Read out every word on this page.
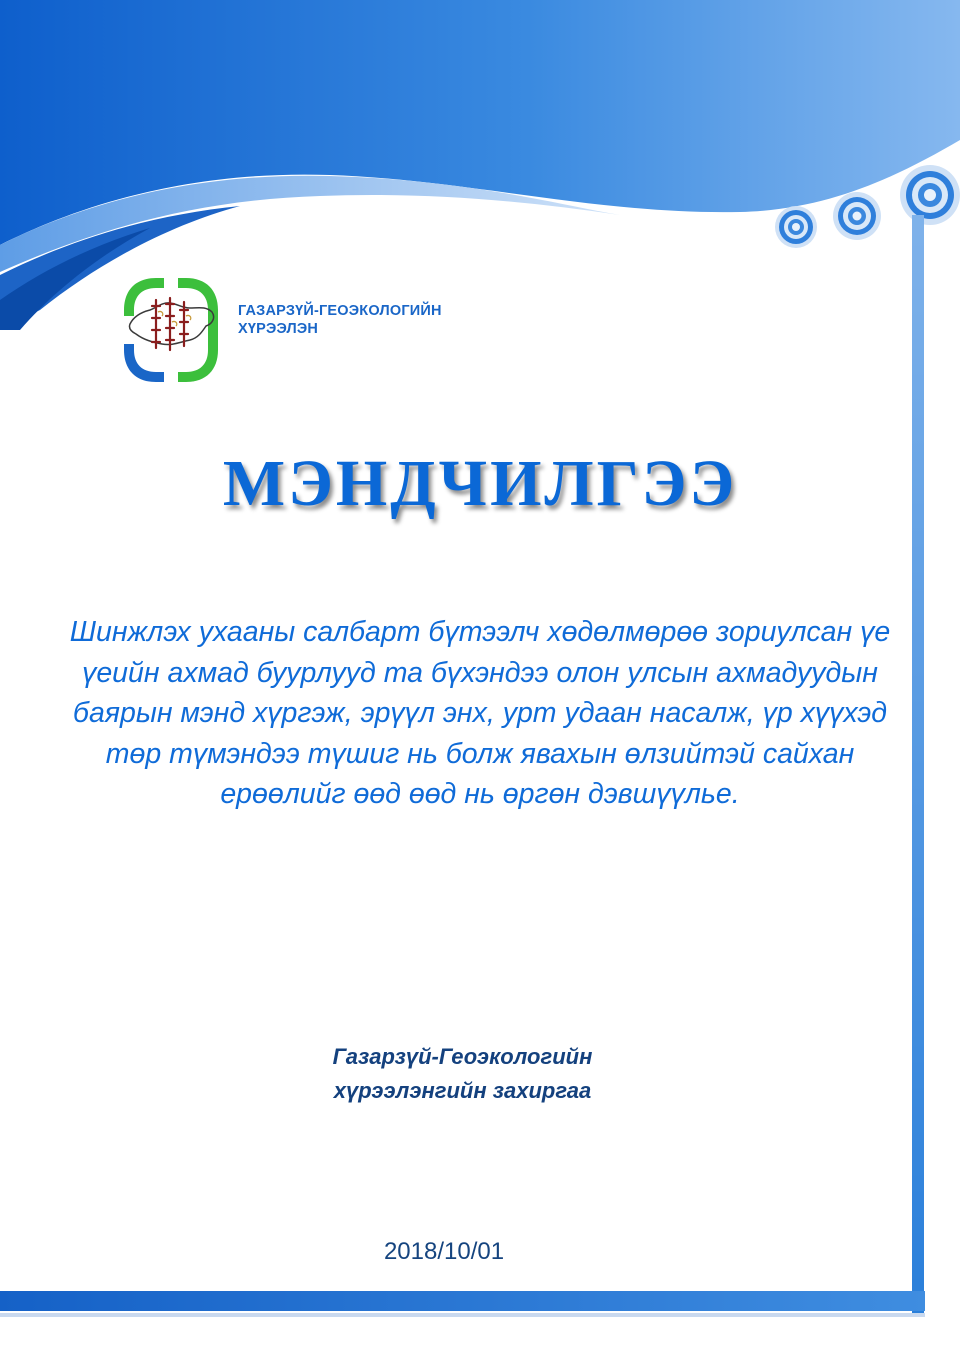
ГАЗАРЗҮЙ-ГЕОЭКОЛОГИЙН
ХҮРЭЭЛЭН
МЭНДЧИЛГЭЭ
Шинжлэх ухааны салбарт бүтээлч хөдөлмөрөө зориулсан үе
үеийн ахмад буурлууд та бүхэндээ олон улсын ахмадуудын
баярын мэнд хүргэж, эрүүл энх, урт удаан насалж, үр хүүхэд
төр түмэндээ түшиг нь болж явахын өлзийтэй сайхан
ерөөлийг өөд өөд нь өргөн дэвшүүлье.
Газарзүй-Геоэкологийн
хүрээлэнгийн захиргаа
2018/10/01
